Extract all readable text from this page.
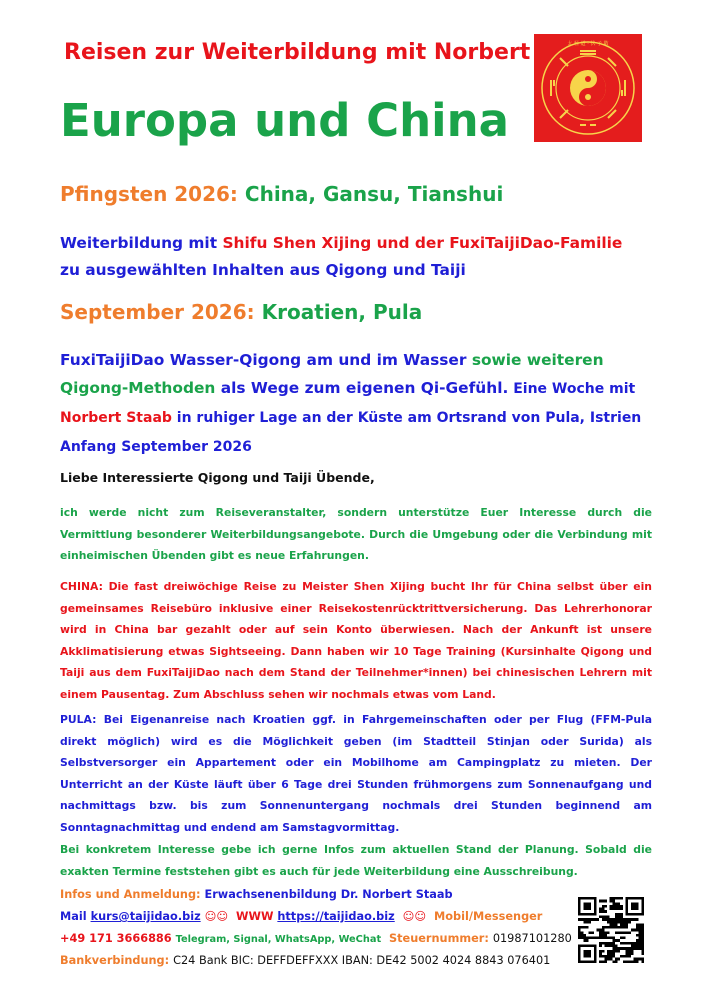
Reisen zur Weiterbildung mit Norbert
Europa und China
太 極 道 · 伏 子 敬
Pfingsten 2026: China, Gansu, Tianshui
Weiterbildung mit Shifu Shen Xijing und der FuxiTaijiDao-Familie
zu ausgewählten Inhalten aus Qigong und Taiji
September 2026: Kroatien, Pula
FuxiTaijiDao Wasser-Qigong am und im Wasser sowie weiteren Qigong-Methoden als Wege zum eigenen Qi-Gefühl. Eine Woche mit Norbert Staab in ruhiger Lage an der Küste am Ortsrand von Pula, Istrien Anfang September 2026
Liebe Interessierte Qigong und Taiji Übende,
ich werde nicht zum Reiseveranstalter, sondern unterstütze Euer Interesse durch die Vermittlung besonderer Weiterbildungsangebote. Durch die Umgebung oder die Verbindung mit einheimischen Übenden gibt es neue Erfahrungen.
CHINA: Die fast dreiwöchige Reise zu Meister Shen Xijing bucht Ihr für China selbst über ein gemeinsames Reisebüro inklusive einer Reisekostenrücktrittversicherung. Das Lehrerhonorar wird in China bar gezahlt oder auf sein Konto überwiesen. Nach der Ankunft ist unsere Akklimatisierung etwas Sightseeing. Dann haben wir 10 Tage Training (Kursinhalte Qigong und Taiji aus dem FuxiTaijiDao nach dem Stand der Teilnehmer*innen) bei chinesischen Lehrern mit einem Pausentag. Zum Abschluss sehen wir nochmals etwas vom Land.
PULA: Bei Eigenanreise nach Kroatien ggf. in Fahrgemeinschaften oder per Flug (FFM-Pula direkt möglich) wird es die Möglichkeit geben (im Stadtteil Stinjan oder Surida) als Selbstversorger ein Appartement oder ein Mobilhome am Campingplatz zu mieten. Der Unterricht an der Küste läuft über 6 Tage drei Stunden frühmorgens zum Sonnenaufgang und nachmittags bzw. bis zum Sonnenuntergang nochmals drei Stunden beginnend am Sonntagnachmittag und endend am Samstagvormittag.
Bei konkretem Interesse gebe ich gerne Infos zum aktuellen Stand der Planung. Sobald die exakten Termine feststehen gibt es auch für jede Weiterbildung eine Ausschreibung.
Infos und Anmeldung: Erwachsenenbildung Dr. Norbert Staab
Mail kurs@taijidao.biz ☺☺ WWW https://taijidao.biz ☺☺ Mobil/Messenger
+49 171 3666886 Telegram, Signal, WhatsApp, WeChat Steuernummer: 01987101280
Bankverbindung: C24 Bank BIC: DEFFDEFFXXX IBAN: DE42 5002 4024 8843 076401
